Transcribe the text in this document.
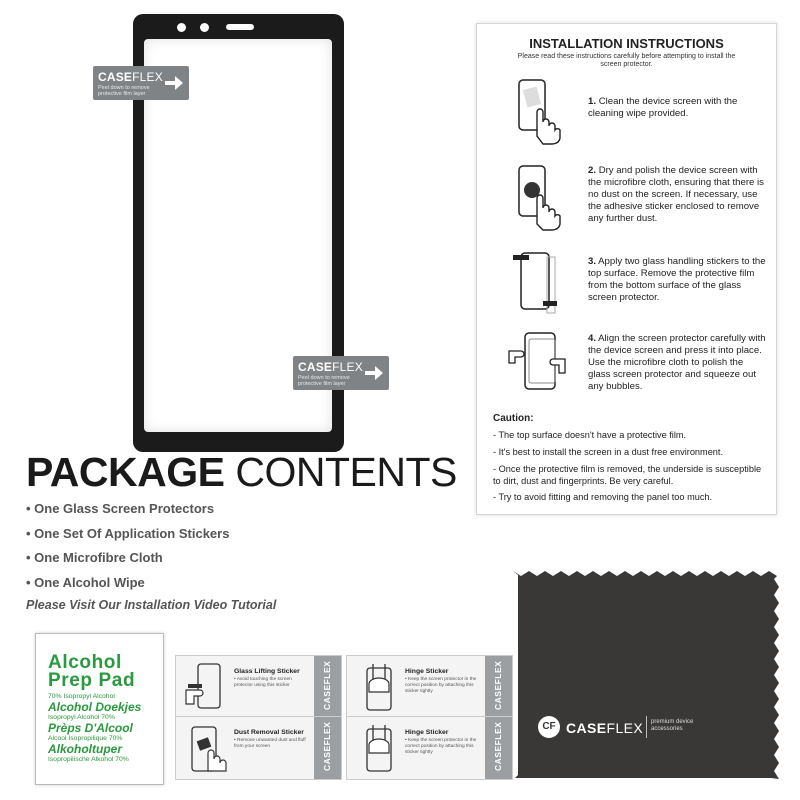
CASEFLEX
Peel down to remove protective film layer
CASEFLEX
Peel down to remove protective film layer
INSTALLATION INSTRUCTIONS
Please read these instructions carefully before attempting to install the screen protector.
1. Clean the device screen with the cleaning wipe provided.
2. Dry and polish the device screen with the microfibre cloth, ensuring that there is no dust on the screen. If necessary, use the adhesive sticker enclosed to remove any further dust.
3. Apply two glass handling stickers to the top surface. Remove the protective film from the bottom surface of the glass screen protector.
4. Align the screen protector carefully with the device screen and press it into place. Use the microfibre cloth to polish the glass screen protector and squeeze out any bubbles.
Caution:
- The top surface doesn't have a protective film.
- It's best to install the screen in a dust free environment.
- Once the protective film is removed, the underside is susceptible to dirt, dust and fingerprints. Be very careful.
- Try to avoid fitting and removing the panel too much.
PACKAGE CONTENTS
• One Glass Screen Protectors
• One Set Of Application Stickers
• One Microfibre Cloth
• One Alcohol Wipe
Please Visit Our Installation Video Tutorial
Alcohol
Prep Pad
70% Isopropyl Alcohol
Alcohol Doekjes
Isopropyl Alcohol 70%
Prèps D'Alcool
Alcool Isopropilique 70%
Alkoholtuper
Isopropilische Alkohol 70%
Glass Lifting Sticker
• Avoid touching the screen protector using this sticker	CASEFLEX	Hinge Sticker
• Keep the screen protector in the correct position by attaching this sticker tightly	CASEFLEX
Dust Removal Sticker
• Remove unwanted dust and fluff from your screen	CASEFLEX	Hinge Sticker
• Keep the screen protector in the correct position by attaching this sticker tightly	CASEFLEX	CF CASEFLEX premium device accessories
